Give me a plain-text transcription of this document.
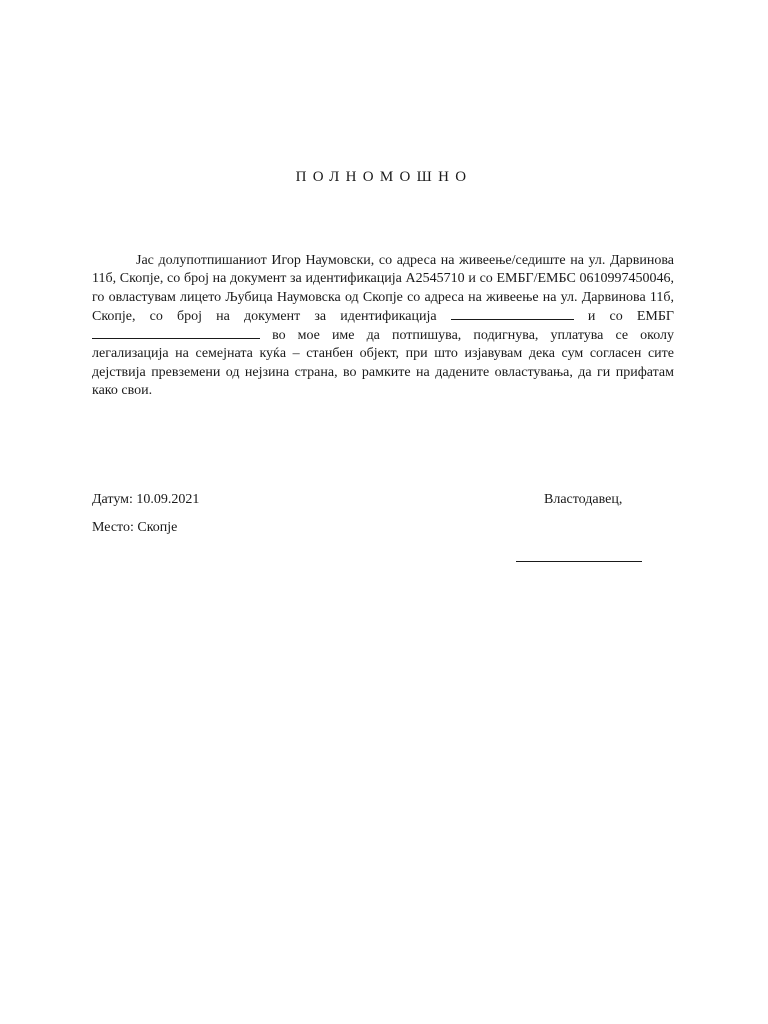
ПОЛНОМОШНО

Јас долупотпишаниот Игор Наумовски, со адреса на живеење/седиште на ул. Дарвинова 11б, Скопје, со број на документ за идентификација А2545710 и со ЕМБГ/ЕМБС 0610997450046, го овластувам лицето Љубица Наумовска од Скопје со адреса на живеење на ул. Дарвинова 11б, Скопје, со број на документ за идентификација	и со ЕМБГ  во мое име да потпишува, подигнува, уплатува се околу легализација на семејната куќа – станбен објект, при што изјавувам дека сум согласен сите дејствија превземени од нејзина страна, во рамките на дадените овластувања, да ги прифатам како свои.

Датум: 10.09.2021

Место: Скопје

Властодавец,
